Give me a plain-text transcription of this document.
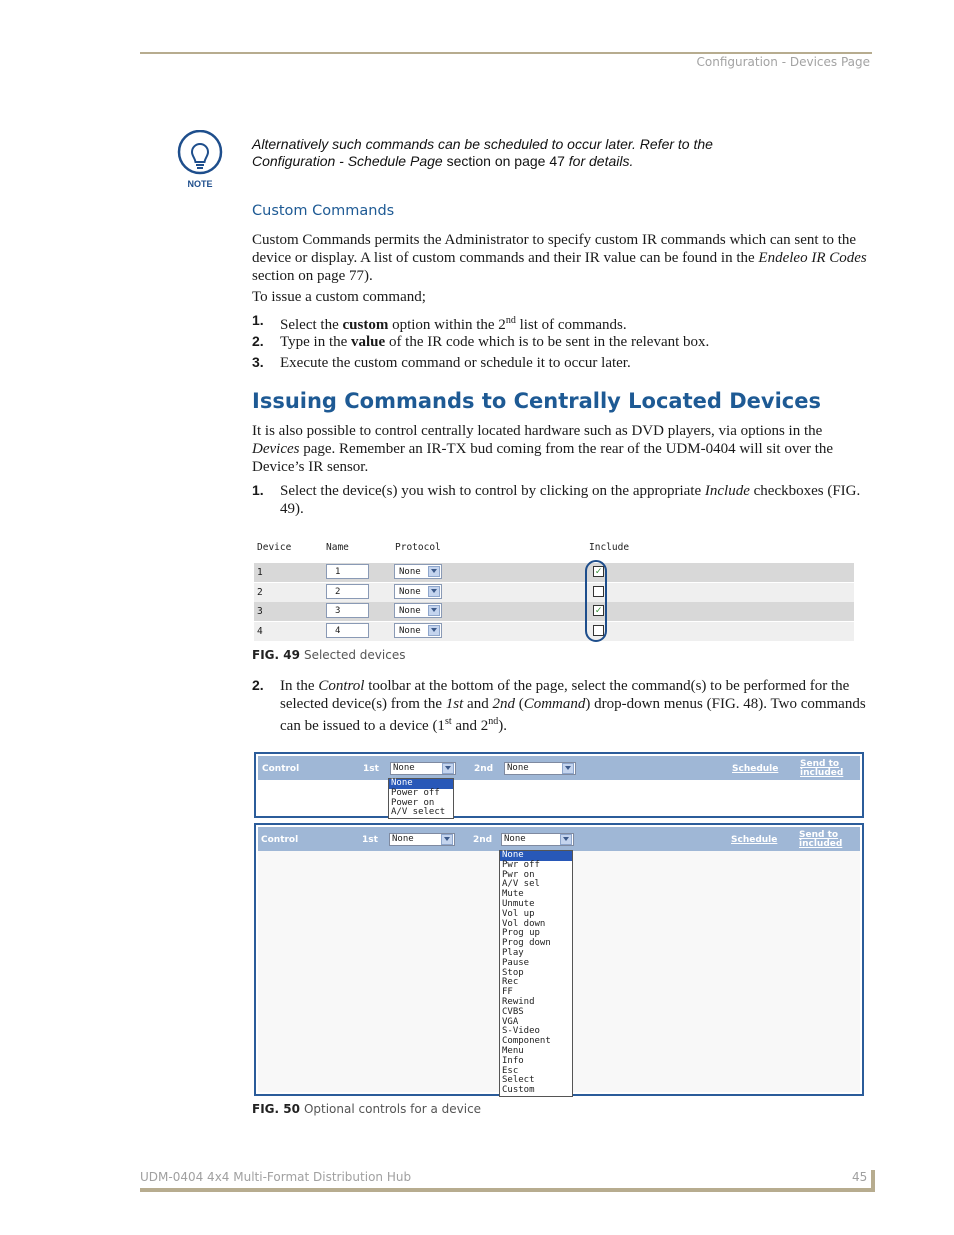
Configuration - Devices Page
NOTE
Alternatively such commands can be scheduled to occur later. Refer to the
Configuration - Schedule Page section on page 47 for details.
Custom Commands
Custom Commands permits the Administrator to specify custom IR commands which can sent to the device or display. A list of custom commands and their IR value can be found in the Endeleo IR Codes section on page 77).
To issue a custom command;
1. Select the custom option within the 2nd list of commands.
2. Type in the value of the IR code which is to be sent in the relevant box.
3. Execute the custom command or schedule it to occur later.
Issuing Commands to Centrally Located Devices
It is also possible to control centrally located hardware such as DVD players, via options in the Devices page. Remember an IR-TX bud coming from the rear of the UDM-0404 will sit over the Device’s IR sensor.
1. Select the device(s) you wish to control by clicking on the appropriate Include checkboxes (FIG. 49).
Device	Name	Protocol	Include
1	1	None	✓
2	2	None
3	3	None	✓
4	4	None
FIG. 49 Selected devices
2. In the Control toolbar at the bottom of the page, select the command(s) to be performed for the selected device(s) from the 1st and 2nd (Command) drop-down menus (FIG. 48). Two commands can be issued to a device (1st and 2nd).
Control	1st	None	2nd	None	Schedule Send to
included
None
Power off
Power on
A/V select
Control	1st	None	2nd	None	Schedule Send to
included
None
Pwr off
Pwr on
A/V sel
Mute
Unmute
Vol up
Vol down
Prog up
Prog down
Play
Pause
Stop
Rec
FF
Rewind
CVBS
VGA
S-Video
Component
Menu
Info
Esc
Select
Custom
FIG. 50 Optional controls for a device
UDM-0404 4x4 Multi-Format Distribution Hub	45
